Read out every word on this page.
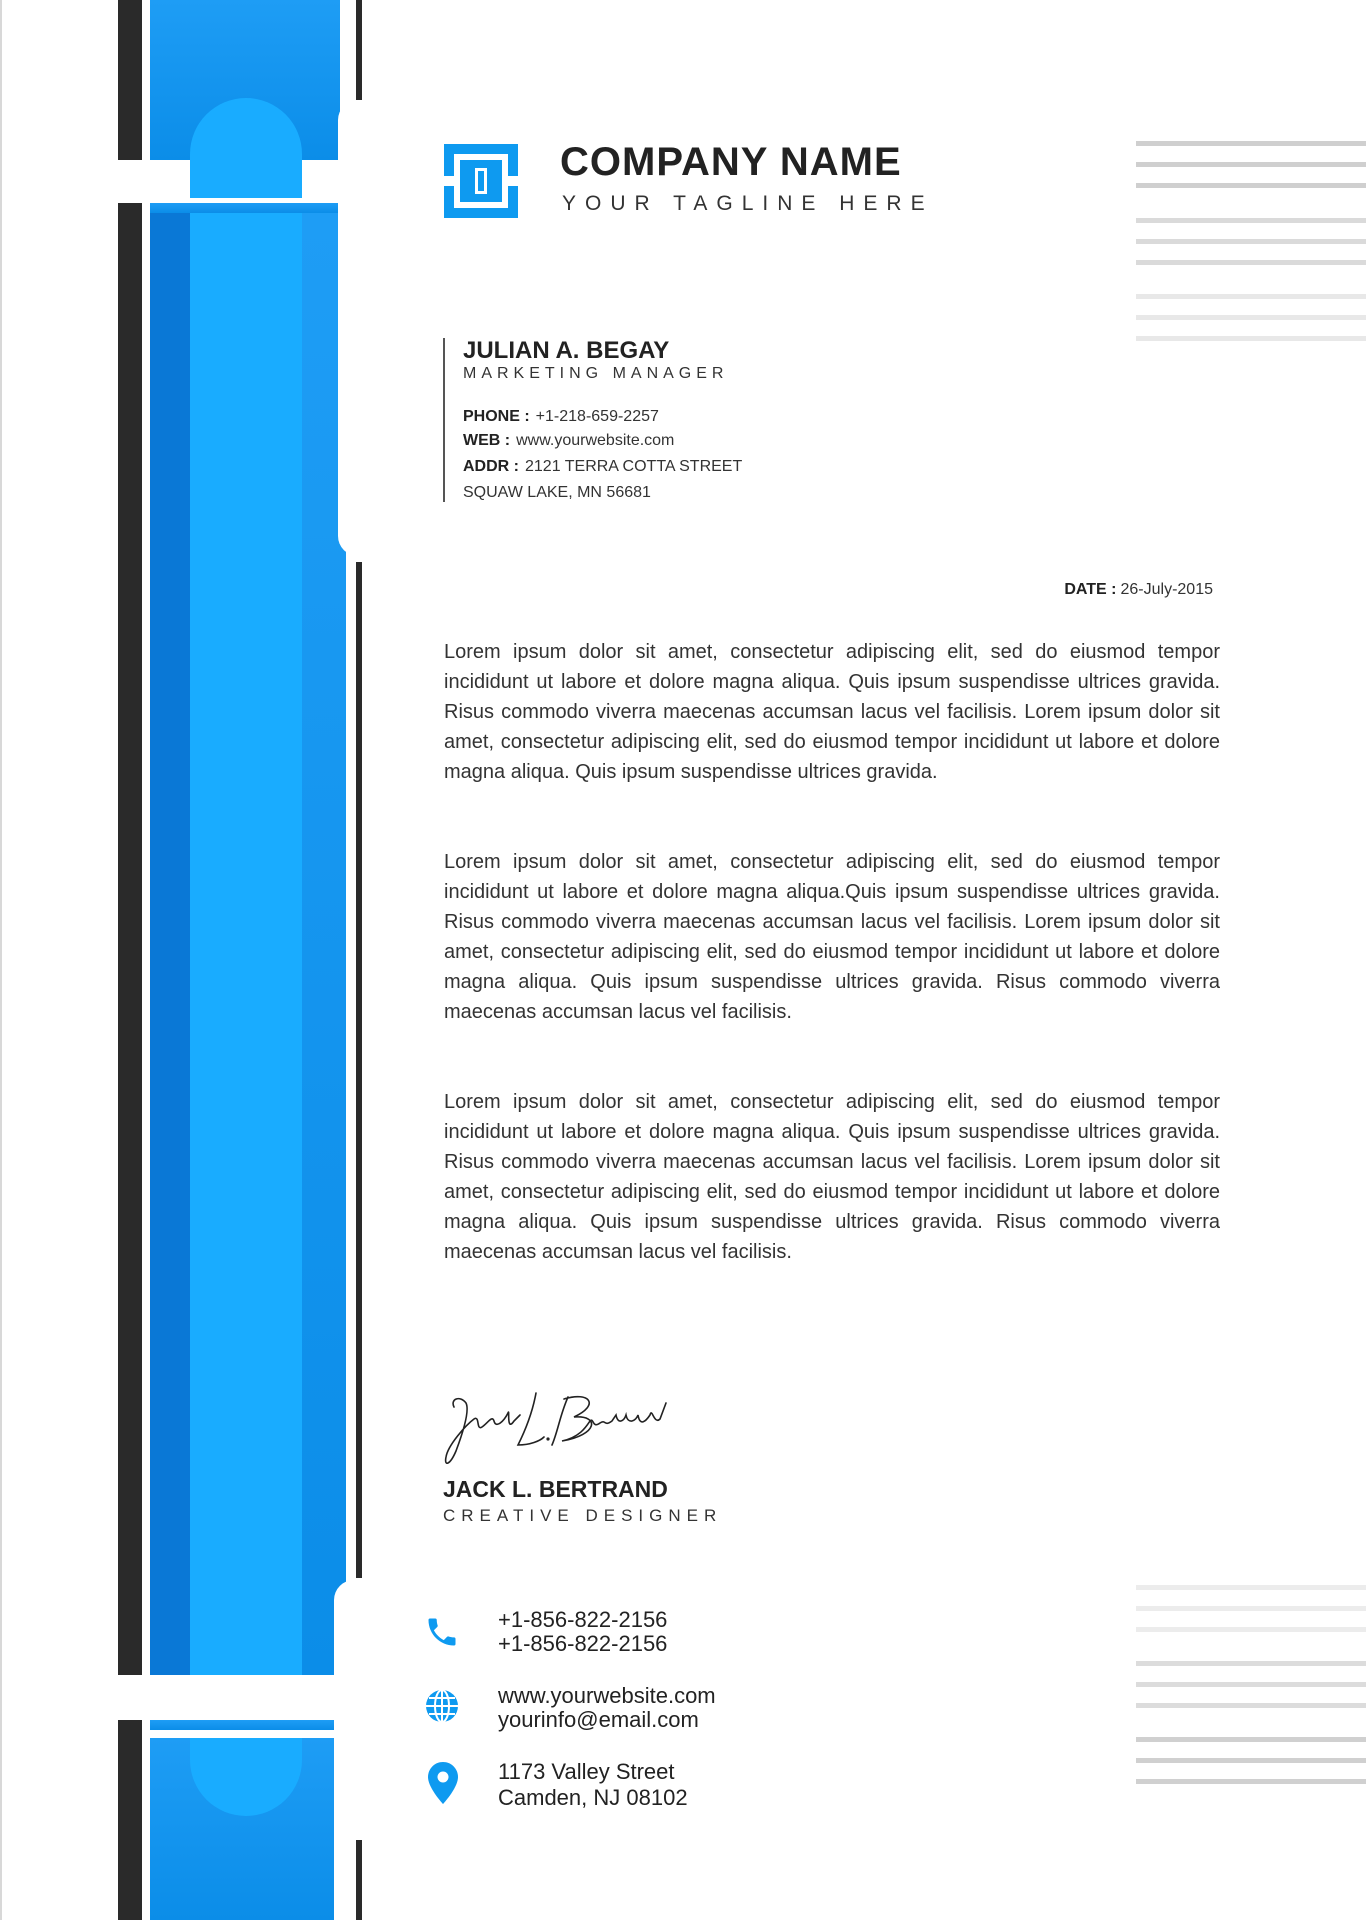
COMPANY NAME
YOUR TAGLINE HERE
JULIAN A. BEGAY
MARKETING MANAGER
PHONE : +1-218-659-2257
WEB : www.yourwebsite.com
ADDR : 2121 TERRA COTTA STREET
SQUAW LAKE, MN 56681
DATE : 26-July-2015

Lorem ipsum dolor sit amet, consectetur adipiscing elit, sed do eiusmod tempor incididunt ut labore et dolore magna aliqua. Quis ipsum suspendisse ultrices gravida. Risus commodo viverra maecenas accumsan lacus vel facilisis. Lorem ipsum dolor sit amet, consectetur adipiscing elit, sed do eiusmod tempor incididunt ut labore et dolore magna aliqua. Quis ipsum suspendisse ultrices gravida.

Lorem ipsum dolor sit amet, consectetur adipiscing elit, sed do eiusmod tempor incididunt ut labore et dolore magna aliqua.Quis ipsum suspendisse ultrices gravida. Risus commodo viverra maecenas accumsan lacus vel facilisis. Lorem ipsum dolor sit amet, consectetur adipiscing elit, sed do eiusmod tempor incididunt ut labore et dolore magna aliqua. Quis ipsum suspendisse ultrices gravida. Risus commodo viverra maecenas accumsan lacus vel facilisis.

Lorem ipsum dolor sit amet, consectetur adipiscing elit, sed do eiusmod tempor incididunt ut labore et dolore magna aliqua. Quis ipsum suspendisse ultrices gravida. Risus commodo viverra maecenas accumsan lacus vel facilisis. Lorem ipsum dolor sit amet, consectetur adipiscing elit, sed do eiusmod tempor incididunt ut labore et dolore magna aliqua. Quis ipsum suspendisse ultrices gravida. Risus commodo viverra maecenas accumsan lacus vel facilisis.

JACK L. BERTRAND
CREATIVE DESIGNER
+1-856-822-2156
+1-856-822-2156
www.yourwebsite.com
yourinfo@email.com
1173 Valley Street
Camden, NJ 08102
